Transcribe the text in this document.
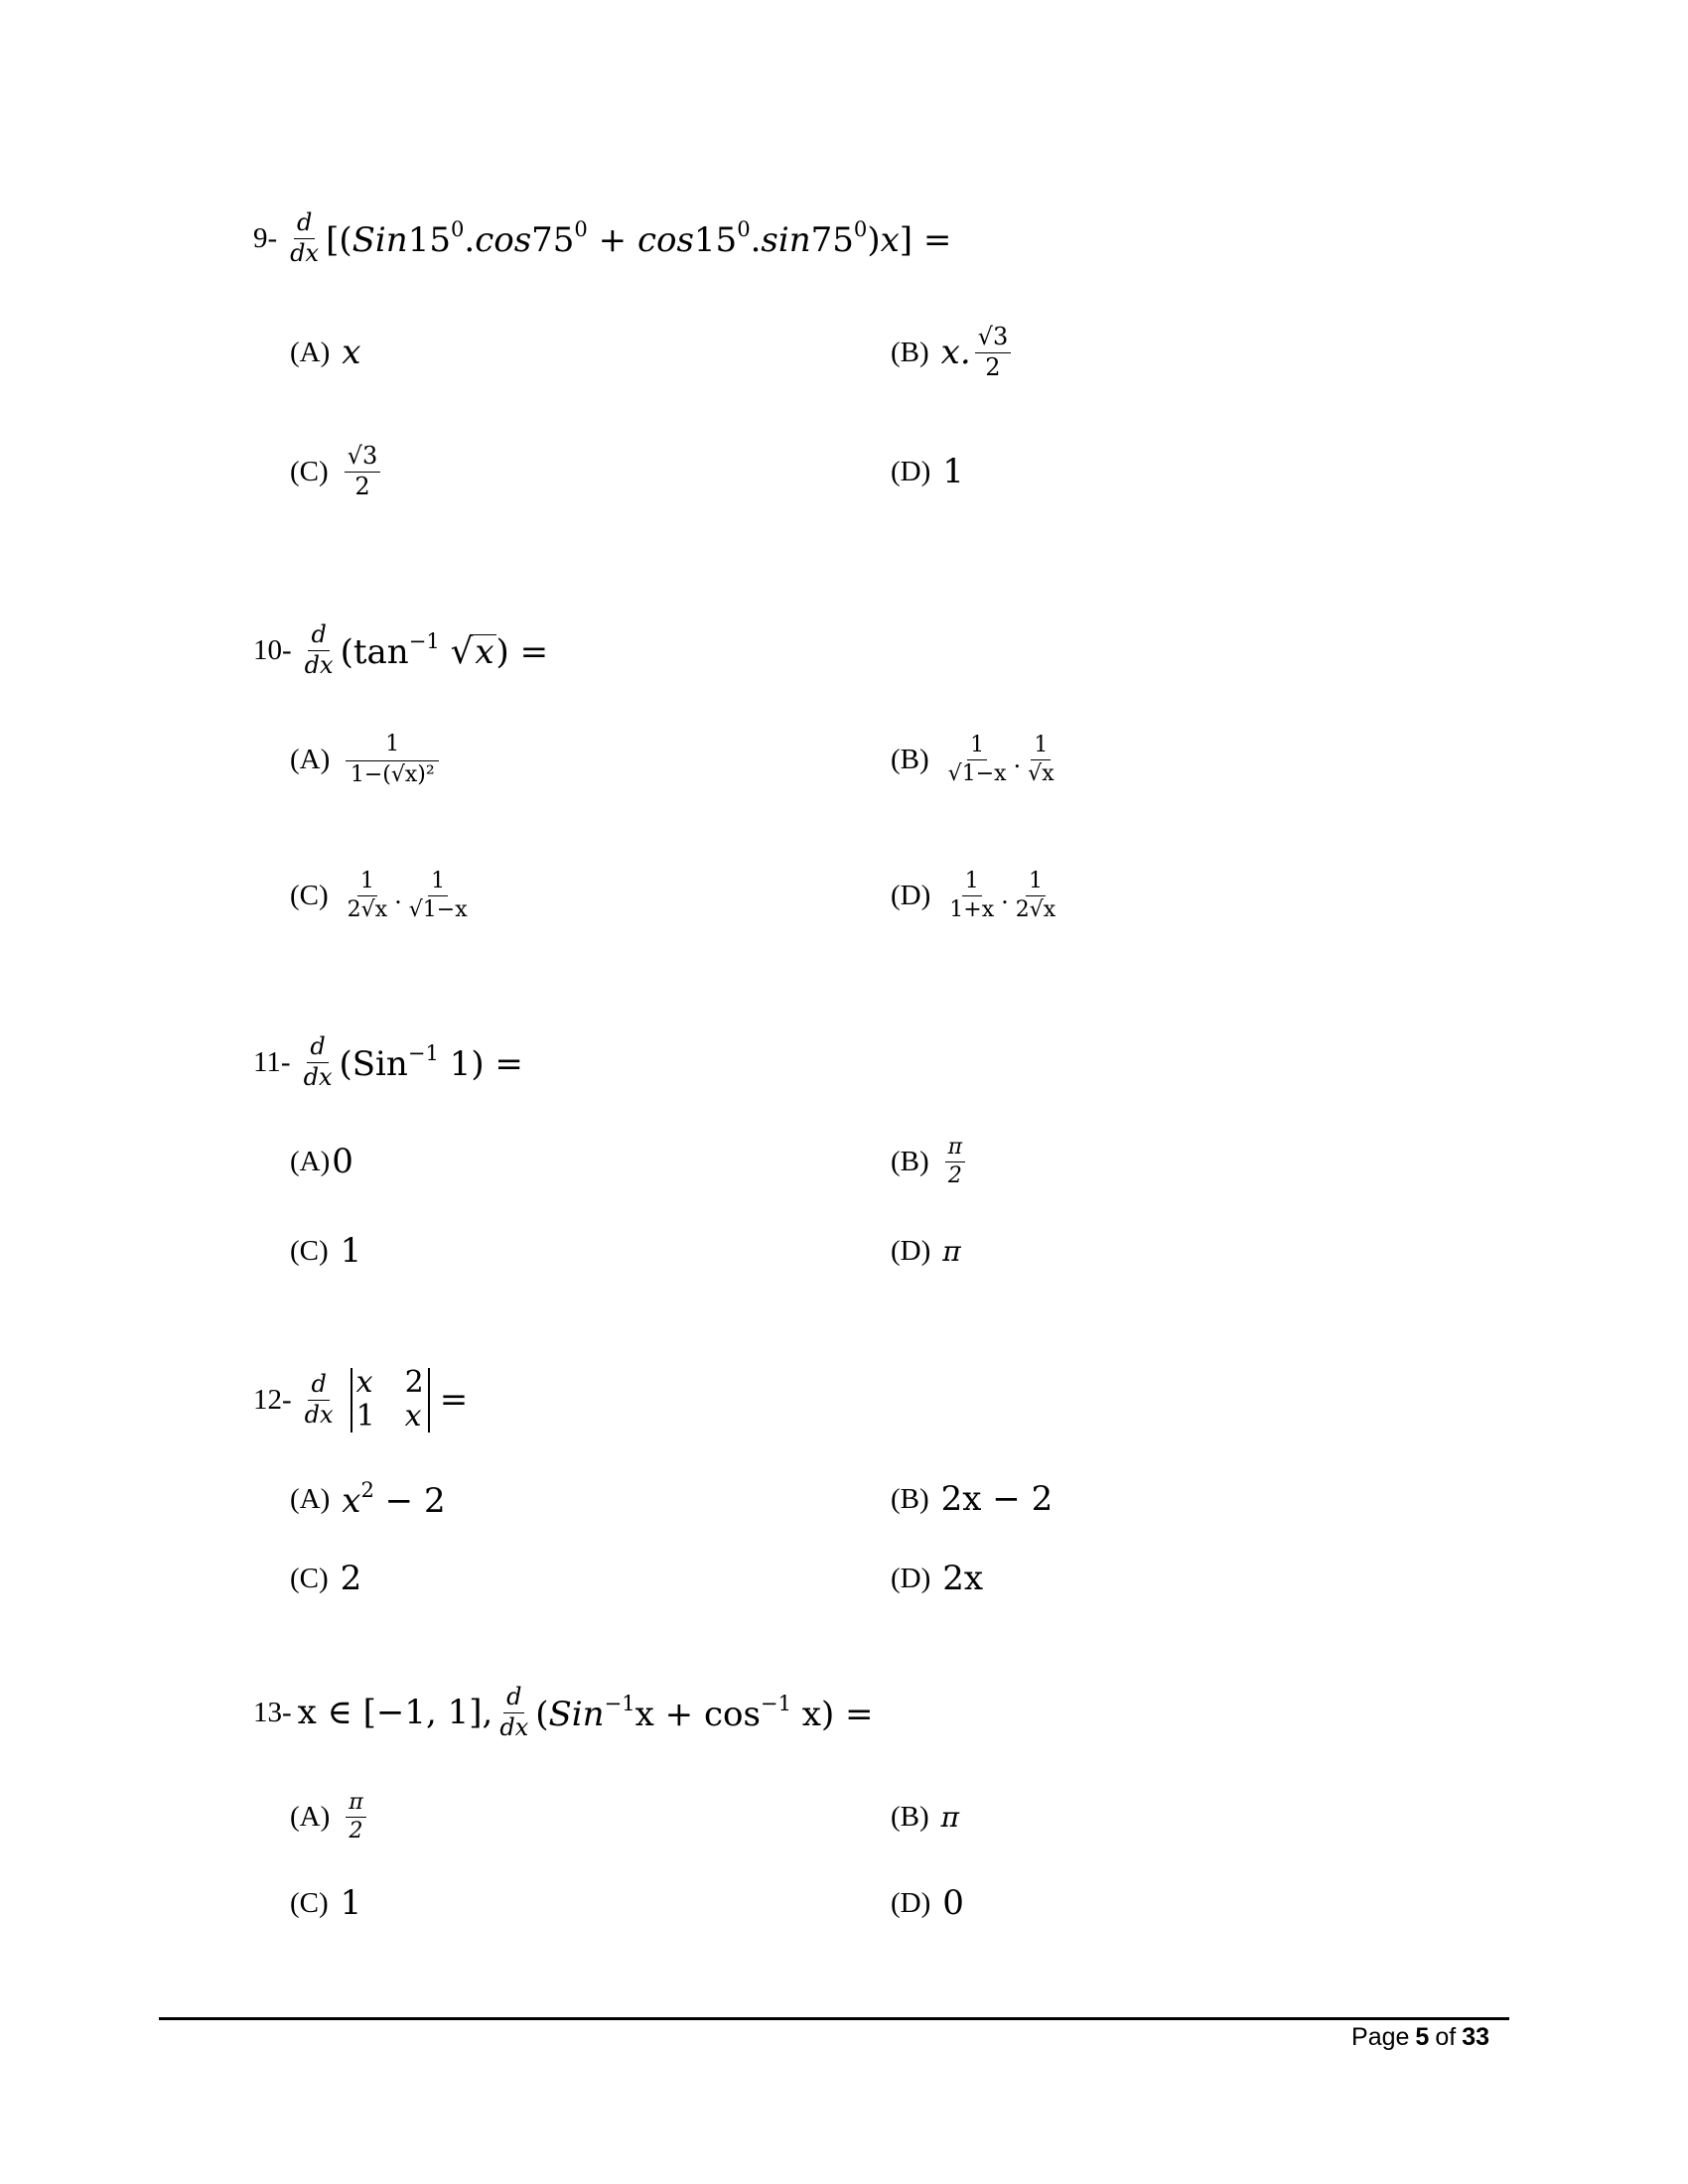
$9- \frac{d}{dx} [(Sin15^0.\cos 75^0 + \cos 15^0.\sin 75^0)x]$ =
(A) x	(B) x. $\frac{√3}{2}$
$(C) \frac{√3}{2}$	(D) 1
$10- \frac{d}{dx} (\tan^{-1}$ √ x ) =
$(A) \frac{1}{\text{1−(√x)²}}$	$(B) \frac{1}{√1-x}$ . $\frac{1}{√x}$
$(C) \frac{1}{2√x}$ . $\frac{1}{√1-x}$	$(D) \frac{1}{1+x}$ . $\frac{1}{2√x}$
$11- \frac{d}{dx} (Sin^{-1}$ 1) =
(A) 0	$(B) \frac{\pi}{2}$
(C) 1	(D) π
$12- \frac{d}{dx}$ x 2
1 x =
(A) $x^2 - 2$	(B) 2x − 2
(C) 2	(D) 2x
13- x ∈ [−1, 1], $\frac{d}{dx} (Sin^{-1}x + \cos^{-1} x)$ =
$(A) \frac{\pi}{2}$	(B) π
(C) 1	(D) 0
Page 5 of 33
